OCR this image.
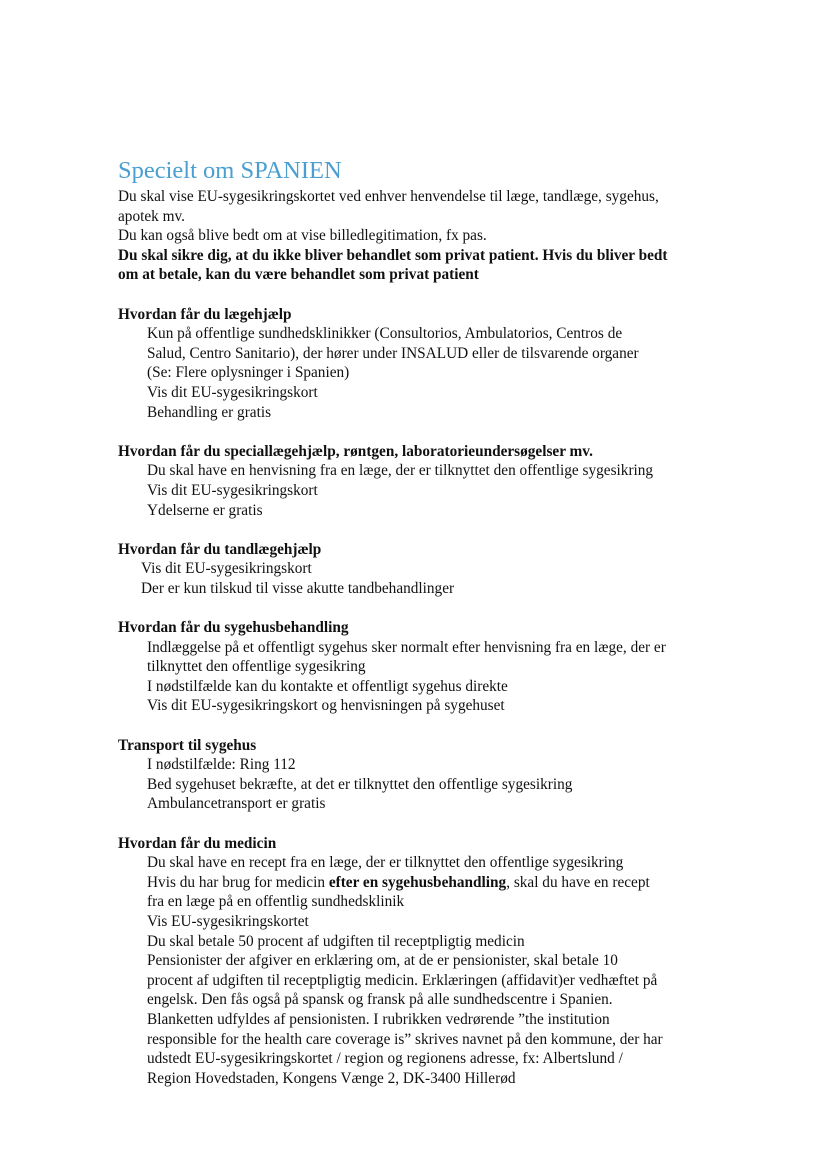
Specielt om SPANIEN

Du skal vise EU-sygesikringskortet ved enhver henvendelse til læge, tandlæge, sygehus,

apotek mv.

Du kan også blive bedt om at vise billedlegitimation, fx pas.

Du skal sikre dig, at du ikke bliver behandlet som privat patient. Hvis du bliver bedt

om at betale, kan du være behandlet som privat patient

Hvordan får du lægehjælp

Kun på offentlige sundhedsklinikker (Consultorios, Ambulatorios, Centros de

Salud, Centro Sanitario), der hører under INSALUD eller de tilsvarende organer

(Se: Flere oplysninger i Spanien)

Vis dit EU-sygesikringskort

Behandling er gratis

Hvordan får du speciallægehjælp, røntgen, laboratorieundersøgelser mv.

Du skal have en henvisning fra en læge, der er tilknyttet den offentlige sygesikring

Vis dit EU-sygesikringskort

Ydelserne er gratis

Hvordan får du tandlægehjælp

Vis dit EU-sygesikringskort

Der er kun tilskud til visse akutte tandbehandlinger

Hvordan får du sygehusbehandling

Indlæggelse på et offentligt sygehus sker normalt efter henvisning fra en læge, der er

tilknyttet den offentlige sygesikring

I nødstilfælde kan du kontakte et offentligt sygehus direkte

Vis dit EU-sygesikringskort og henvisningen på sygehuset

Transport til sygehus

I nødstilfælde: Ring 112

Bed sygehuset bekræfte, at det er tilknyttet den offentlige sygesikring

Ambulancetransport er gratis

Hvordan får du medicin

Du skal have en recept fra en læge, der er tilknyttet den offentlige sygesikring

Hvis du har brug for medicin efter en sygehusbehandling, skal du have en recept

fra en læge på en offentlig sundhedsklinik

Vis EU-sygesikringskortet

Du skal betale 50 procent af udgiften til receptpligtig medicin

Pensionister der afgiver en erklæring om, at de er pensionister, skal betale 10

procent af udgiften til receptpligtig medicin. Erklæringen (affidavit)er vedhæftet på

engelsk. Den fås også på spansk og fransk på alle sundhedscentre i Spanien.

Blanketten udfyldes af pensionisten. I rubrikken vedrørende ”the institution

responsible for the health care coverage is” skrives navnet på den kommune, der har

udstedt EU-sygesikringskortet / region og regionens adresse, fx: Albertslund /

Region Hovedstaden, Kongens Vænge 2, DK-3400 Hillerød
